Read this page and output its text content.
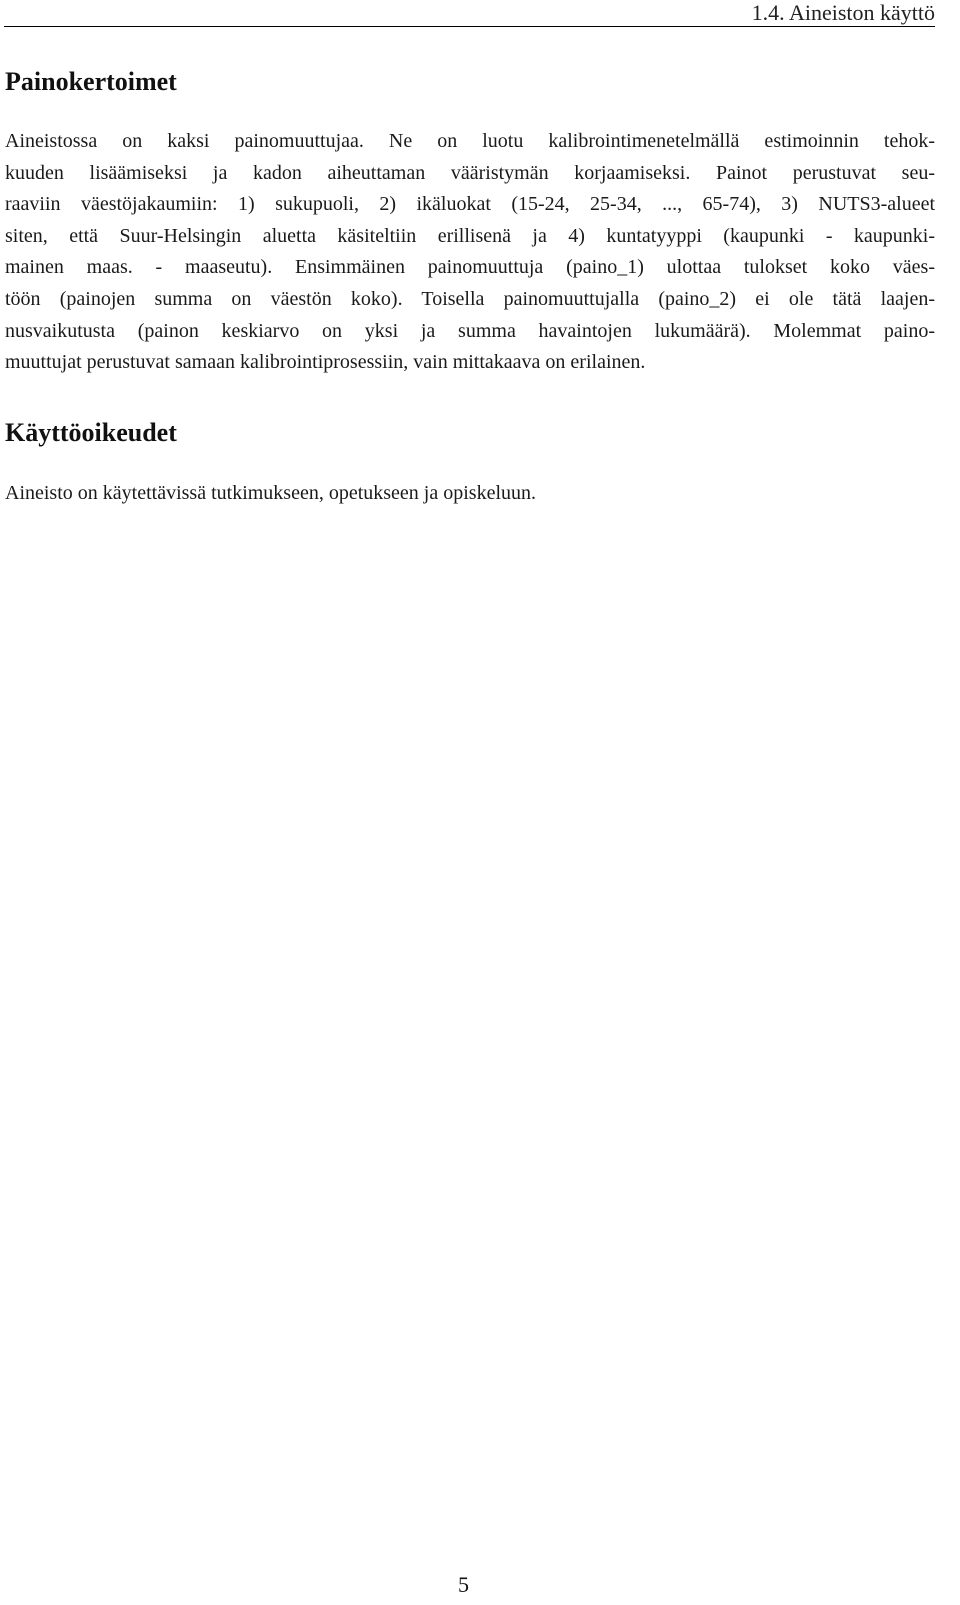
1.4. Aineiston käyttö
Painokertoimet
Aineistossa on kaksi painomuuttujaa. Ne on luotu kalibrointimenetelmällä estimoinnin tehok-
kuuden lisäämiseksi ja kadon aiheuttaman vääristymän korjaamiseksi. Painot perustuvat seu-
raaviin väestöjakaumiin: 1) sukupuoli, 2) ikäluokat (15-24, 25-34, ..., 65-74), 3) NUTS3-alueet
siten, että Suur-Helsingin aluetta käsiteltiin erillisenä ja 4) kuntatyyppi (kaupunki - kaupunki-
mainen maas. - maaseutu). Ensimmäinen painomuuttuja (paino_1) ulottaa tulokset koko väes-
töön (painojen summa on väestön koko). Toisella painomuuttujalla (paino_2) ei ole tätä laajen-
nusvaikutusta (painon keskiarvo on yksi ja summa havaintojen lukumäärä). Molemmat paino-
muuttujat perustuvat samaan kalibrointiprosessiin, vain mittakaava on erilainen.
Käyttöoikeudet
Aineisto on käytettävissä tutkimukseen, opetukseen ja opiskeluun.
5
